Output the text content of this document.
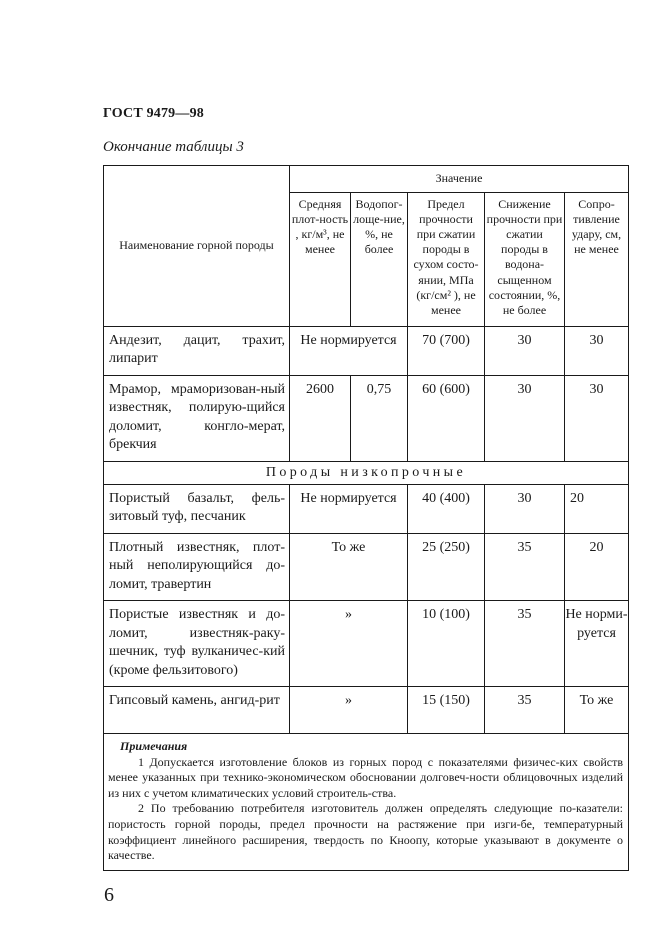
ГОСТ 9479—98
Окончание таблицы 3
Наименование горной породы	Значение				
	Средняя плот-ность , кг/м³, не менее	Водопог-лоще-ние, %, не более	Предел прочности при сжатии породы в сухом состо-янии, МПа (кг/см² ), не менее	Снижение прочности при сжатии породы в водона-сыщенном состоянии, %, не более	Сопро-тивление удару, см, не менее
Андезит, дацит, трахит, липарит	Не нормируется		70 (700)	30	30
Мрамор, мраморизован-ный известняк, полирую-щийся доломит, конгло-мерат, брекчия	2600	0,75	60 (600)	30	30
Породы низкопрочные					
Пористый базальт, фель-зитовый туф, песчаник	Не нормируется		40 (400)	30	20
Плотный известняк, плот-ный неполирующийся до-ломит, травертин	То же		25 (250)	35	20
Пористые известняк и до-ломит, известняк-раку-шечник, туф вулканичес-кий (кроме фельзитового)	»		10 (100)	35	Не норми-руется
Гипсовый камень, ангид-рит	»		15 (150)	35	То же

Примечания

1 Допускается изготовление блоков из горных пород с показателями физичес-ких свойств менее указанных при технико-экономическом обосновании долговеч-ности облицовочных изделий из них с учетом климатических условий строитель-ства.

2 По требованию потребителя изготовитель должен определять следующие по-казатели: пористость горной породы, предел прочности на растяжение при изги-бе, температурный коэффициент линейного расширения, твердость по Кноопу, которые указывают в документе о качестве.					

6
